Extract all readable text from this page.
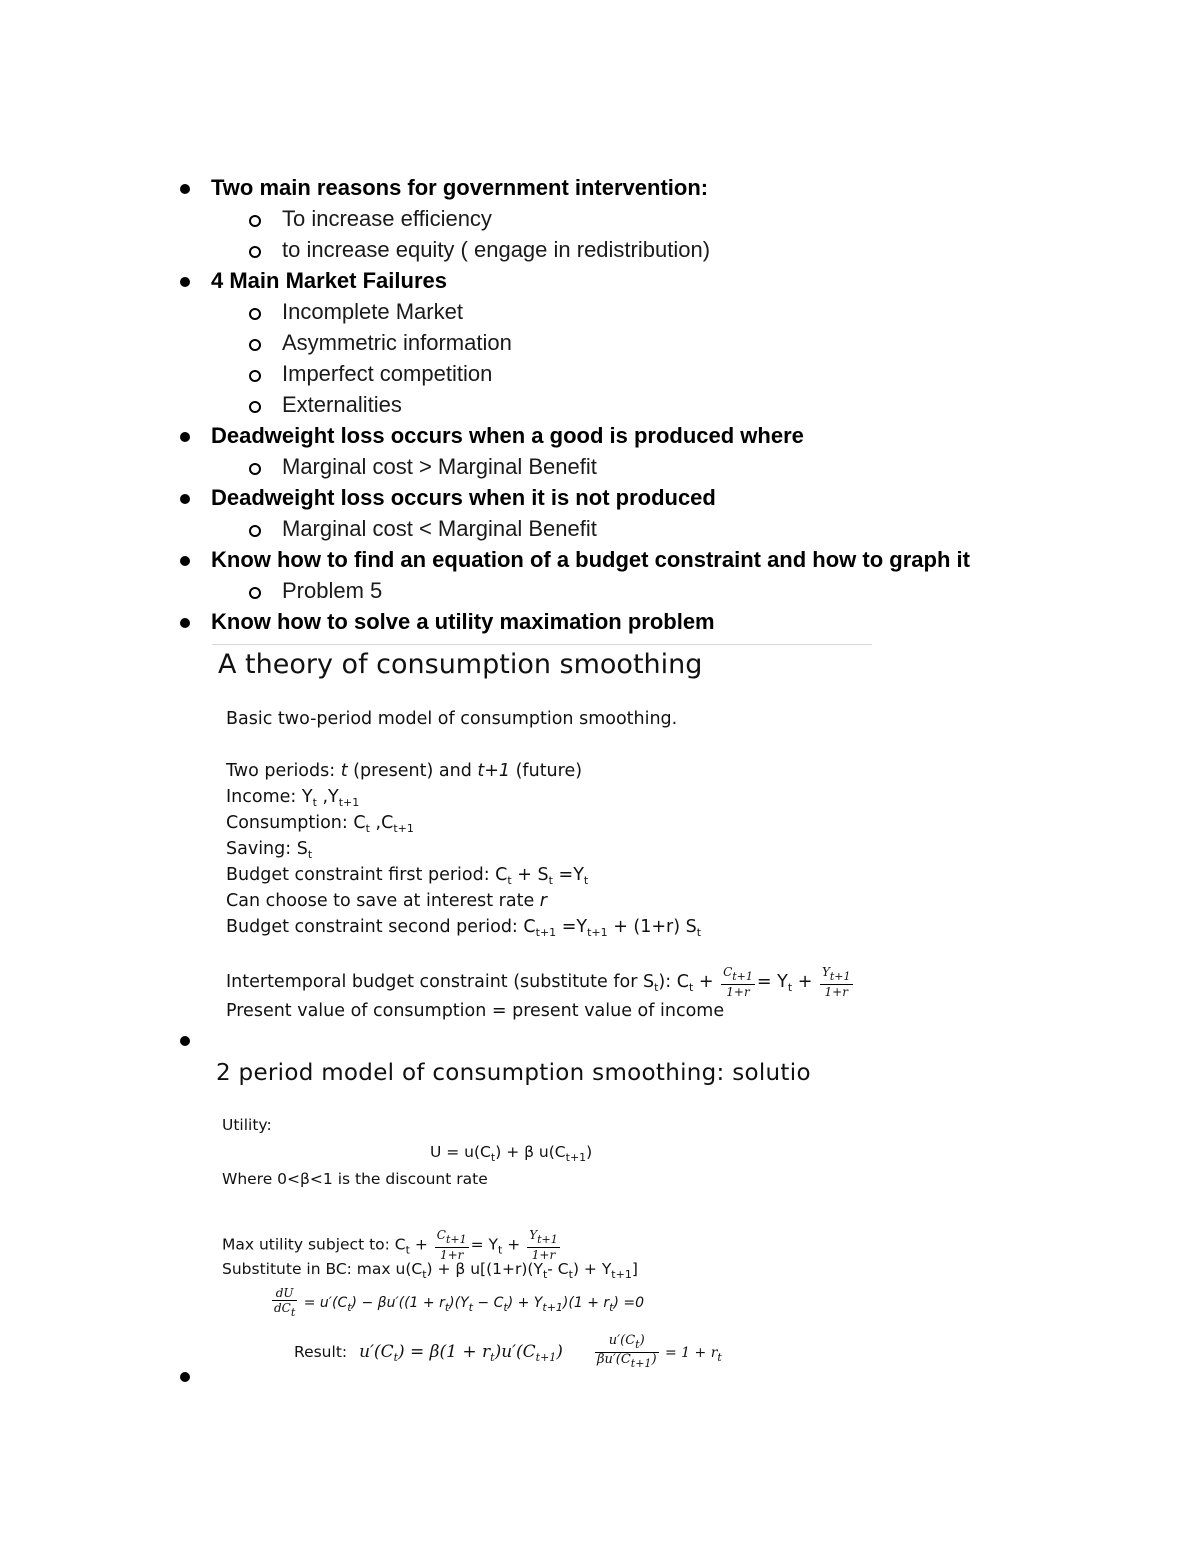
Two main reasons for government intervention:
To increase efficiency
to increase equity ( engage in redistribution)
4 Main Market Failures
Incomplete Market
Asymmetric information
Imperfect competition
Externalities
Deadweight loss occurs when a good is produced where
Marginal cost > Marginal Benefit
Deadweight loss occurs when it is not produced
Marginal cost < Marginal Benefit
Know how to find an equation of a budget constraint and how to graph it
Problem 5
Know how to solve a utility maximation problem
A theory of consumption smoothing
Basic two-period model of consumption smoothing.
Two periods: t (present) and t+1 (future)
Income: $Y_t$ $,Y_{t+1}$
Consumption: $C_t$ $,C_{t+1}$
Saving: $S_t$
Budget constraint first period: $C_t + S_t =Y_t$
Can choose to save at interest rate r
Budget constraint second period: $C_{t+1} =Y_{t+1} + (1+r)$ $S_t$
Intertemporal budget constraint (substitute for $S_t$): $C_t + \frac{C_{t+1}}{1+r} = Y_t + \frac{Y_{t+1}}{1+r}$
Present value of consumption = present value of income
2 period model of consumption smoothing: solutio
Utility:
$U = u(C_t) + \beta$ $u(C_{t+1})$
Where 0<β<1 is the discount rate
Max utility subject to: $C_t + \frac{C_{t+1}}{1+r} = Y_t + \frac{Y_{t+1}}{1+r}$
Substitute in BC: $\max u(C_t) + \beta$ $u[(1+r)(Y_t-$ $C_t) + Y_{t+1}$]
$\frac{dU}{dC_t} = u'(C_t) - \beta u'((1 + r_t)(Y_t - C_t) + Y_{t+1})(1 + r_t) =0$
Result: $u'(C_t) = \beta(1 + r_t)u'(C_{t+1}) \frac{u'(C_t)}{\beta u'(C_{t+1})} = 1 + r_t$
